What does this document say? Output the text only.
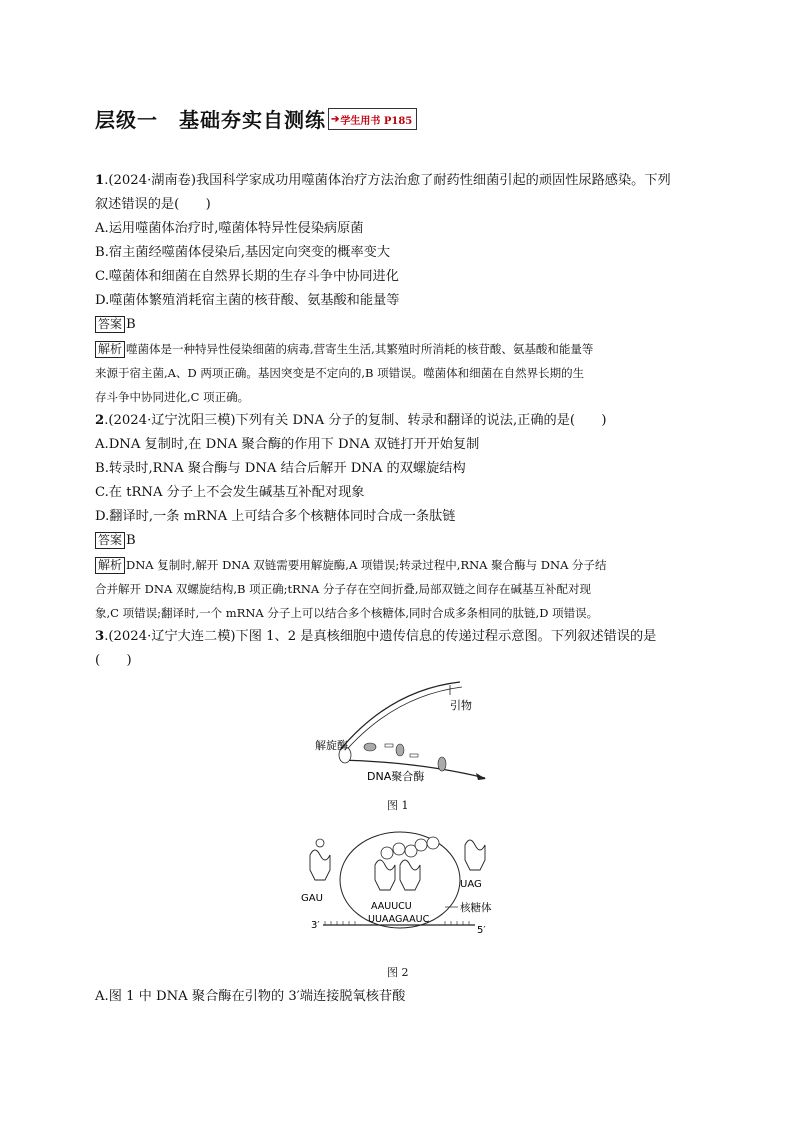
层级一　基础夯实自测练 ➔ 学生用书 P185
1.(2024·湖南卷)我国科学家成功用噬菌体治疗方法治愈了耐药性细菌引起的顽固性尿路感染。下列
叙述错误的是(　　)
A.运用噬菌体治疗时,噬菌体特异性侵染病原菌
B.宿主菌经噬菌体侵染后,基因定向突变的概率变大
C.噬菌体和细菌在自然界长期的生存斗争中协同进化
D.噬菌体繁殖消耗宿主菌的核苷酸、氨基酸和能量等
答案 B
解析 噬菌体是一种特异性侵染细菌的病毒,营寄生生活,其繁殖时所消耗的核苷酸、氨基酸和能量等
来源于宿主菌,A、D 两项正确。基因突变是不定向的,B 项错误。噬菌体和细菌在自然界长期的生
存斗争中协同进化,C 项正确。
2.(2024·辽宁沈阳三模)下列有关 DNA 分子的复制、转录和翻译的说法,正确的是(　　)
A.DNA 复制时,在 DNA 聚合酶的作用下 DNA 双链打开开始复制
B.转录时,RNA 聚合酶与 DNA 结合后解开 DNA 的双螺旋结构
C.在 tRNA 分子上不会发生碱基互补配对现象
D.翻译时,一条 mRNA 上可结合多个核糖体同时合成一条肽链
答案 B
解析 DNA 复制时,解开 DNA 双链需要用解旋酶,A 项错误;转录过程中,RNA 聚合酶与 DNA 分子结
合并解开 DNA 双螺旋结构,B 项正确;tRNA 分子存在空间折叠,局部双链之间存在碱基互补配对现
象,C 项错误;翻译时,一个 mRNA 分子上可以结合多个核糖体,同时合成多条相同的肽链,D 项错误。
3.(2024·辽宁大连二模)下图 1、2 是真核细胞中遗传信息的传递过程示意图。下列叙述错误的是
(　　)
引物
解旋酶
DNA聚合酶
图 1
GAU
UAG
AAUUCU
UUAAGAAUC
核糖体
3′	5′
图 2
A.图 1 中 DNA 聚合酶在引物的 3′端连接脱氧核苷酸
